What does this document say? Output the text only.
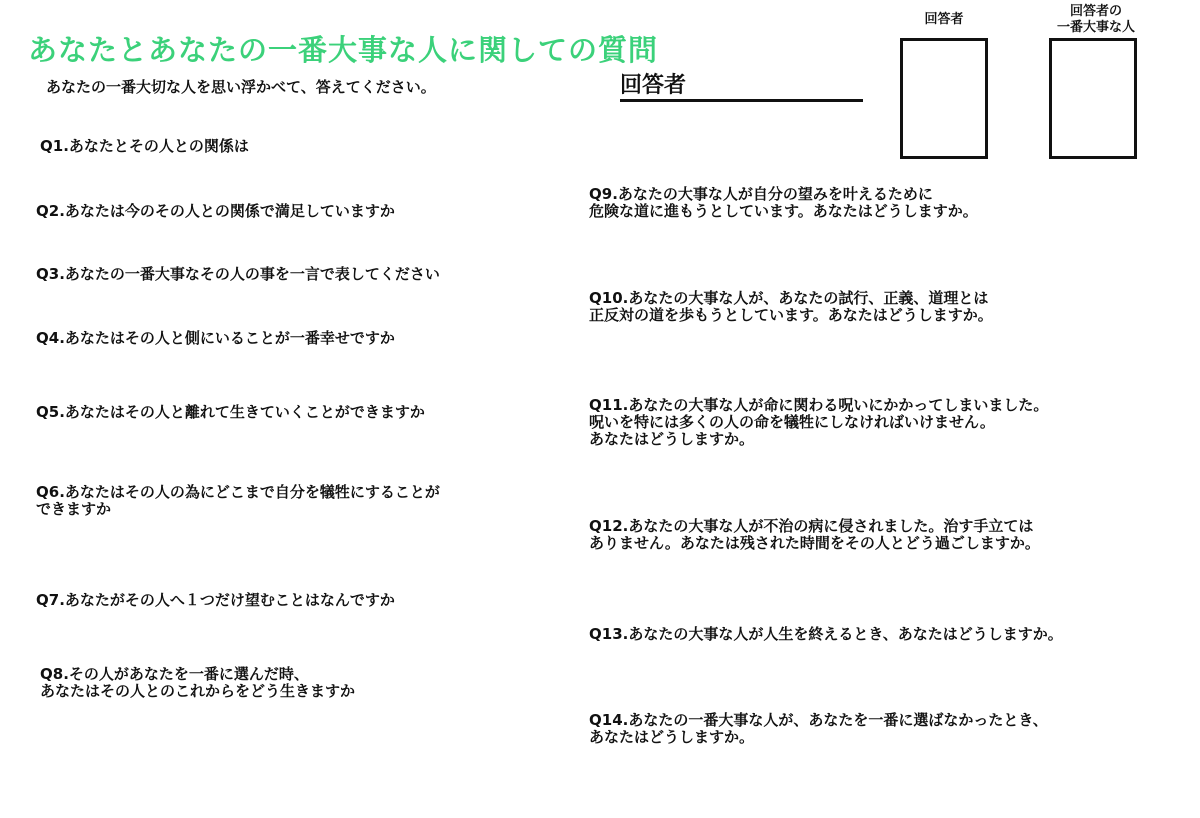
あなたとあなたの一番大事な人に関しての質問
あなたの一番大切な人を思い浮かべて、答えてください。	回答者
回答者
回答者の
一番大事な人
Q1.あなたとその人との関係は
Q2.あなたは今のその人との関係で満足していますか
Q3.あなたの一番大事なその人の事を一言で表してください
Q4.あなたはその人と側にいることが一番幸せですか
Q5.あなたはその人と離れて生きていくことができますか
Q6.あなたはその人の為にどこまで自分を犠牲にすることが
できますか
Q7.あなたがその人へ１つだけ望むことはなんですか
Q8.その人があなたを一番に選んだ時、
あなたはその人とのこれからをどう生きますか
Q9.あなたの大事な人が自分の望みを叶えるために
危険な道に進もうとしています。あなたはどうしますか。
Q10.あなたの大事な人が、あなたの試行、正義、道理とは
正反対の道を歩もうとしています。あなたはどうしますか。
Q11.あなたの大事な人が命に関わる呪いにかかってしまいました。
呪いを特には多くの人の命を犠牲にしなければいけません。
あなたはどうしますか。
Q12.あなたの大事な人が不治の病に侵されました。治す手立ては
ありません。あなたは残された時間をその人とどう過ごしますか。
Q13.あなたの大事な人が人生を終えるとき、あなたはどうしますか。
Q14.あなたの一番大事な人が、あなたを一番に選ばなかったとき、
あなたはどうしますか。
